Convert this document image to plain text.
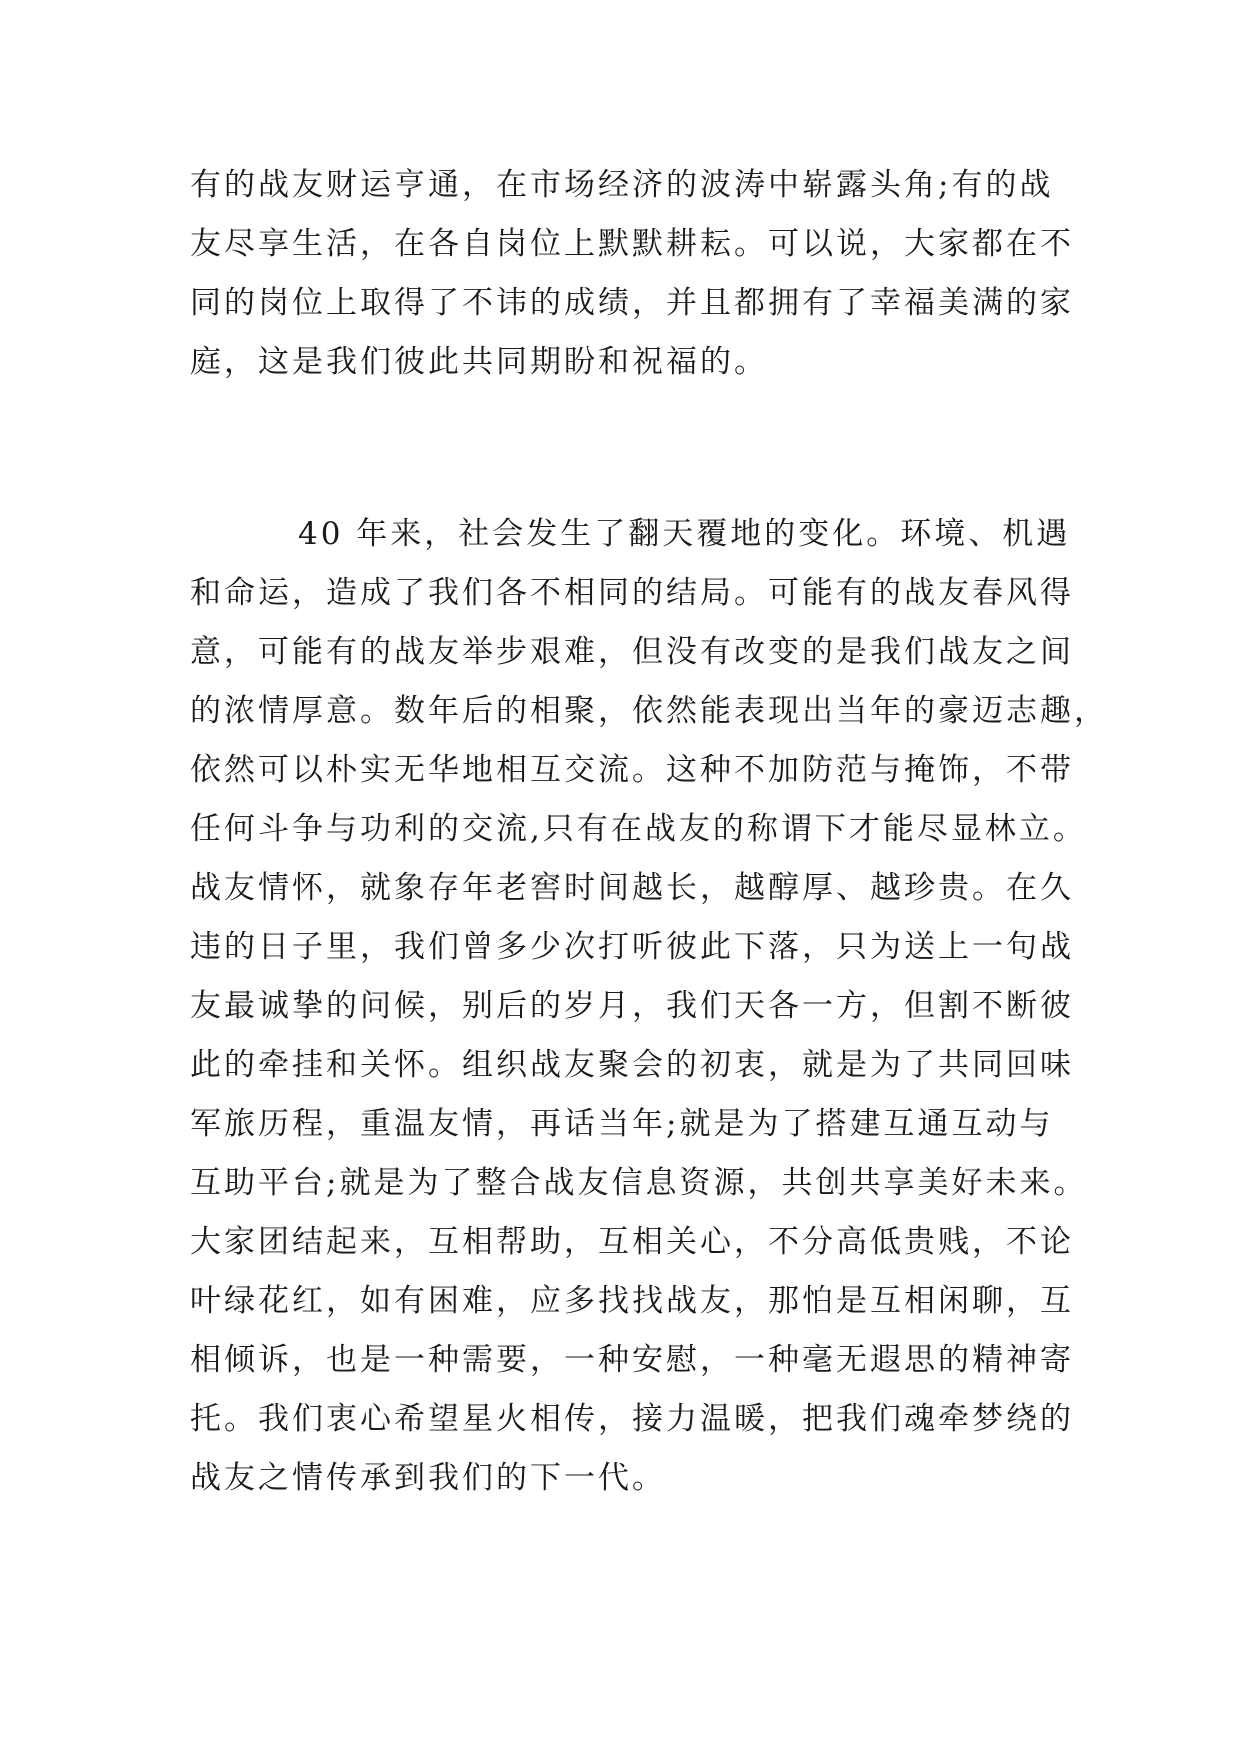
有的战友财运亨通，在市场经济的波涛中崭露头角;有的战
友尽享生活，在各自岗位上默默耕耘。可以说，大家都在不
同的岗位上取得了不讳的成绩，并且都拥有了幸福美满的家
庭，这是我们彼此共同期盼和祝福的。
40 年来，社会发生了翻天覆地的变化。环境、机遇
和命运，造成了我们各不相同的结局。可能有的战友春风得
意，可能有的战友举步艰难，但没有改变的是我们战友之间
的浓情厚意。数年后的相聚，依然能表现出当年的豪迈志趣，
依然可以朴实无华地相互交流。这种不加防范与掩饰，不带
任何斗争与功利的交流,只有在战友的称谓下才能尽显林立。
战友情怀，就象存年老窖时间越长，越醇厚、越珍贵。在久
违的日子里，我们曾多少次打听彼此下落，只为送上一句战
友最诚挚的问候，别后的岁月，我们天各一方，但割不断彼
此的牵挂和关怀。组织战友聚会的初衷，就是为了共同回味
军旅历程，重温友情，再话当年;就是为了搭建互通互动与
互助平台;就是为了整合战友信息资源，共创共享美好未来。
大家团结起来，互相帮助，互相关心，不分高低贵贱，不论
叶绿花红，如有困难，应多找找战友，那怕是互相闲聊，互
相倾诉，也是一种需要，一种安慰，一种毫无遐思的精神寄
托。我们衷心希望星火相传，接力温暖，把我们魂牵梦绕的
战友之情传承到我们的下一代。
